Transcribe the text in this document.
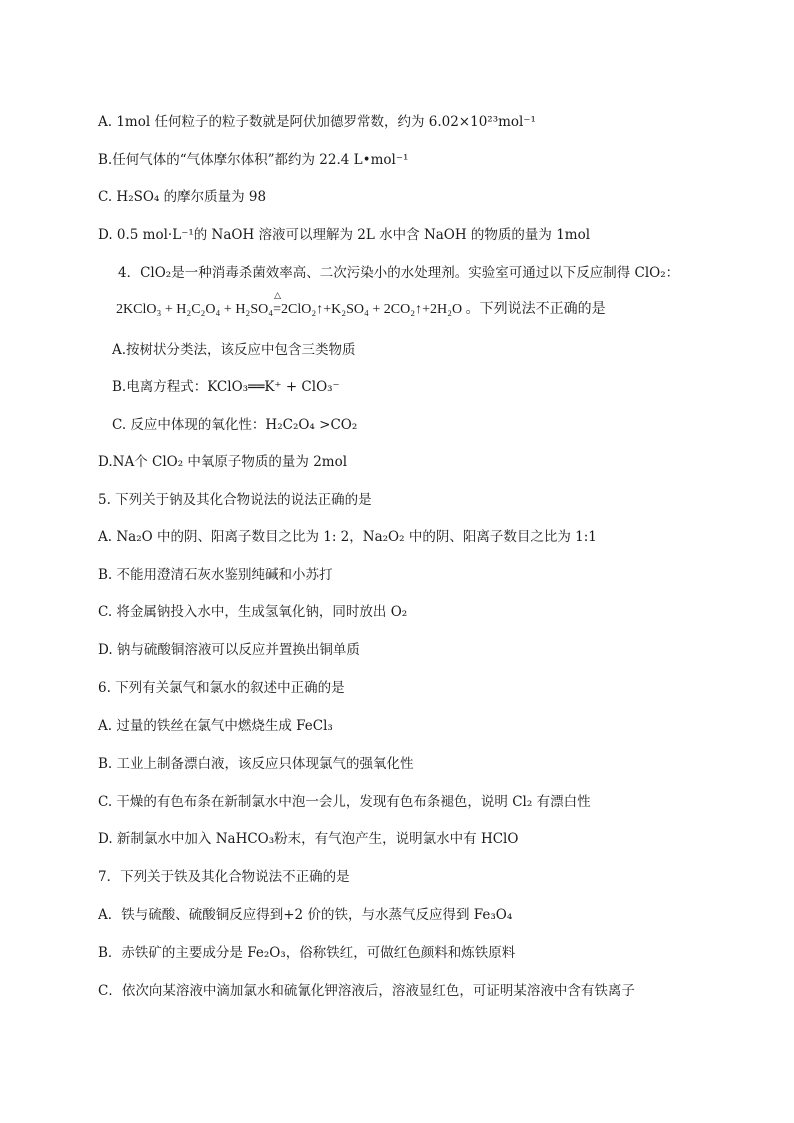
A. 1mol 任何粒子的粒子数就是阿伏加德罗常数，约为 6.02×10²³mol⁻¹
B.任何气体的“气体摩尔体积”都约为 22.4 L•mol⁻¹
C. H₂SO₄ 的摩尔质量为 98
D. 0.5 mol·L⁻¹的 NaOH 溶液可以理解为 2L 水中含 NaOH 的物质的量为 1mol
4．ClO₂是一种消毒杀菌效率高、二次污染小的水处理剂。实验室可通过以下反应制得 ClO₂：
2KClO₃ + H₂C₂O₄ + H₂SO₄
△
=2ClO₂↑+K₂SO₄ + 2CO₂↑+2H₂O 。下列说法不正确的是
A.按树状分类法，该反应中包含三类物质
B.电离方程式：KClO₃══K⁺ + ClO₃⁻
C. 反应中体现的氧化性：H₂C₂O₄ >CO₂
D.NA个 ClO₂ 中氧原子物质的量为 2mol
5. 下列关于钠及其化合物说法的说法正确的是
A. Na₂O 中的阴、阳离子数目之比为 1: 2，Na₂O₂ 中的阴、阳离子数目之比为 1:1
B. 不能用澄清石灰水鉴别纯碱和小苏打
C. 将金属钠投入水中，生成氢氧化钠，同时放出 O₂
D. 钠与硫酸铜溶液可以反应并置换出铜单质
6. 下列有关氯气和氯水的叙述中正确的是
A. 过量的铁丝在氯气中燃烧生成 FeCl₃
B. 工业上制备漂白液，该反应只体现氯气的强氧化性
C. 干燥的有色布条在新制氯水中泡一会儿，发现有色布条褪色，说明 Cl₂ 有漂白性
D. 新制氯水中加入 NaHCO₃粉末，有气泡产生，说明氯水中有 HClO
7．下列关于铁及其化合物说法不正确的是
A．铁与硫酸、硫酸铜反应得到+2 价的铁，与水蒸气反应得到 Fe₃O₄
B．赤铁矿的主要成分是 Fe₂O₃，俗称铁红，可做红色颜料和炼铁原料
C．依次向某溶液中滴加氯水和硫氰化钾溶液后，溶液显红色，可证明某溶液中含有铁离子
